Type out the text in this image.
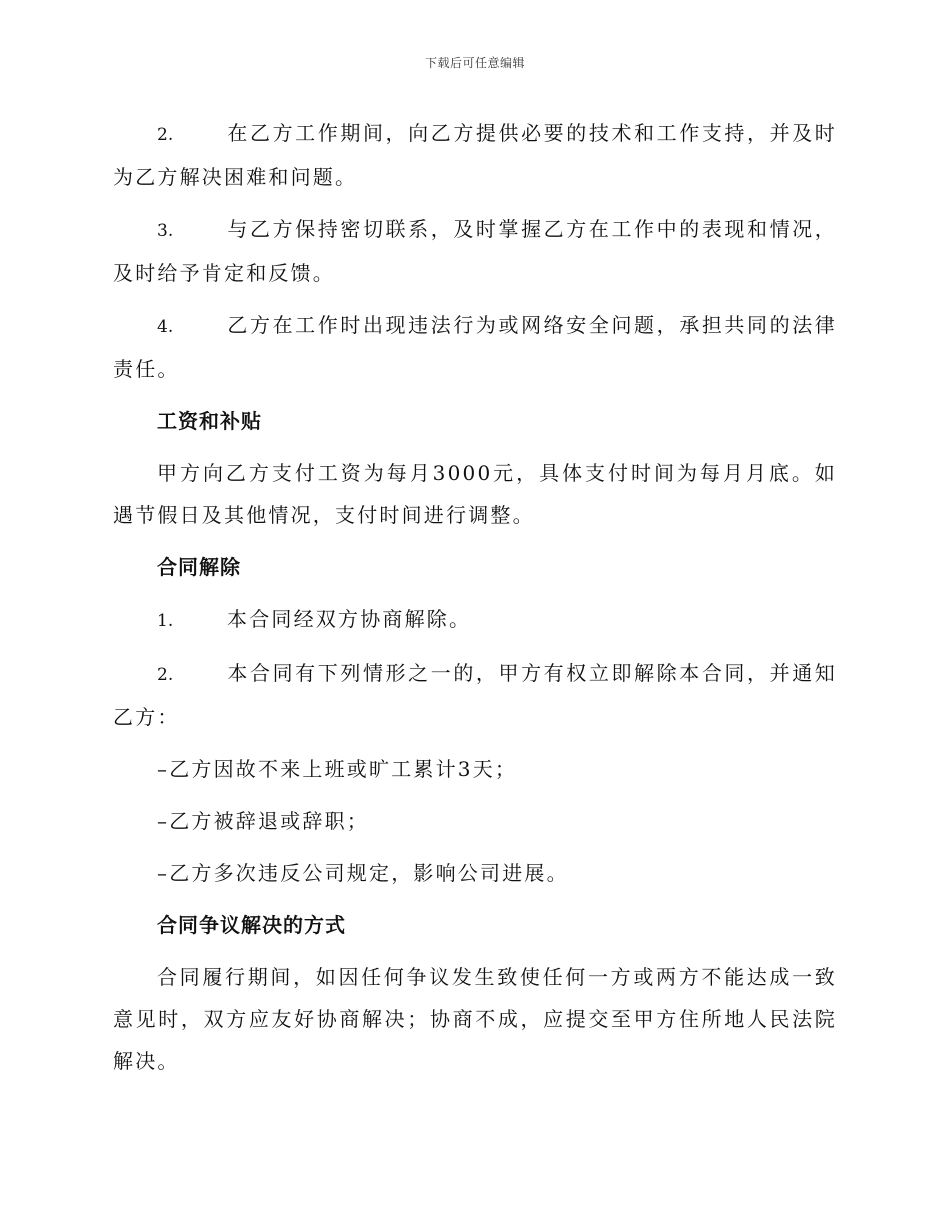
下载后可任意编辑
2.	在乙方工作期间，向乙方提供必要的技术和工作支持，并及时为乙方解决困难和问题。
3.	与乙方保持密切联系，及时掌握乙方在工作中的表现和情况，及时给予肯定和反馈。
4.	乙方在工作时出现违法行为或网络安全问题，承担共同的法律责任。
工资和补贴
甲方向乙方支付工资为每月3000元，具体支付时间为每月月底。如遇节假日及其他情况，支付时间进行调整。
合同解除
1.	本合同经双方协商解除。
2.	本合同有下列情形之一的，甲方有权立即解除本合同，并通知乙方：
–乙方因故不来上班或旷工累计3天；
–乙方被辞退或辞职；
–乙方多次违反公司规定，影响公司进展。
合同争议解决的方式
合同履行期间，如因任何争议发生致使任何一方或两方不能达成一致意见时，双方应友好协商解决；协商不成，应提交至甲方住所地人民法院解决。
